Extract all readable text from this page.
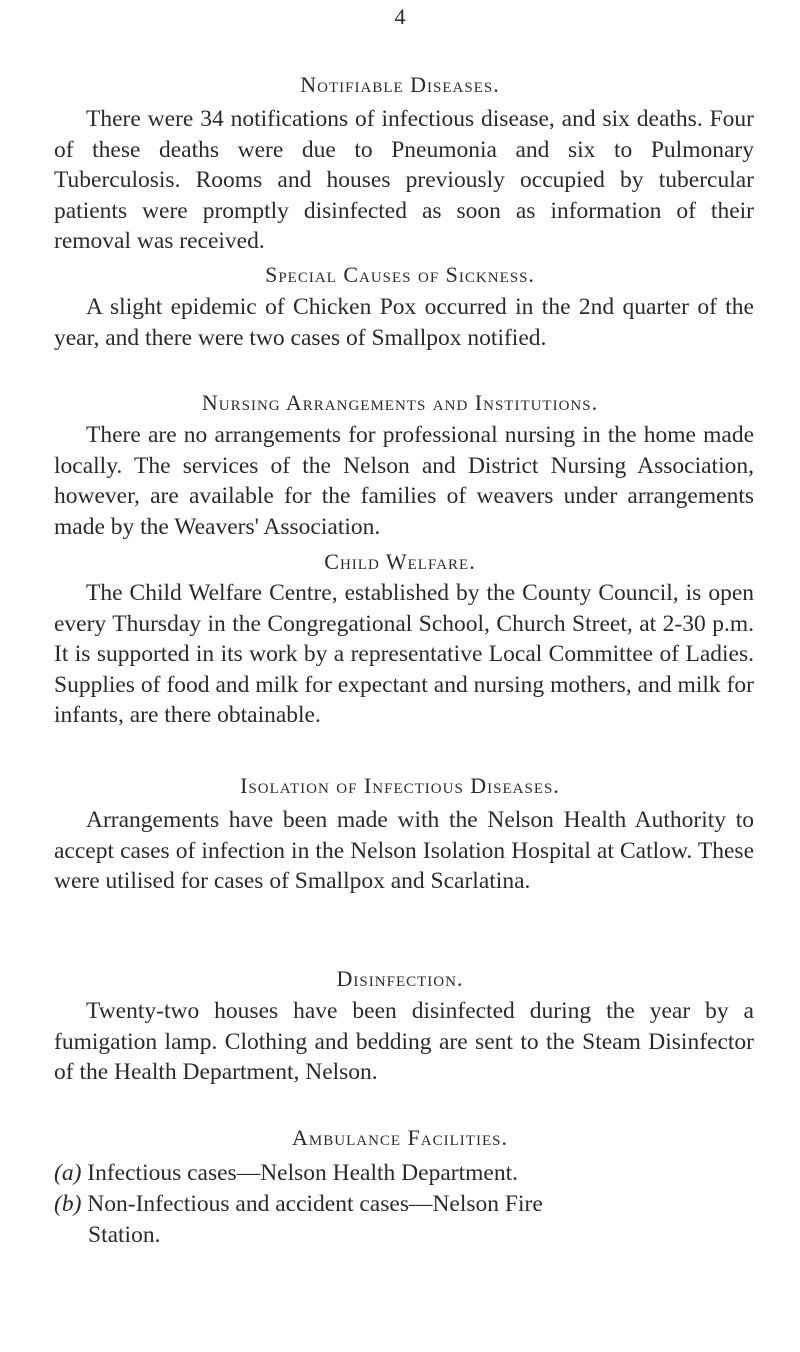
4
Notifiable Diseases.

There were 34 notifications of infectious disease, and six deaths. Four of these deaths were due to Pneumonia and six to Pulmonary Tuberculosis. Rooms and houses previously occupied by tubercular patients were promptly disinfected as soon as information of their removal was received.

Special Causes of Sickness.

A slight epidemic of Chicken Pox occurred in the 2nd quarter of the year, and there were two cases of Smallpox notified.

Nursing Arrangements and Institutions.

There are no arrangements for professional nursing in the home made locally. The services of the Nelson and District Nursing Association, however, are available for the families of weavers under arrangements made by the Weavers' Association.

Child Welfare.

The Child Welfare Centre, established by the County Council, is open every Thursday in the Congregational School, Church Street, at 2-30 p.m. It is supported in its work by a representative Local Committee of Ladies. Supplies of food and milk for expectant and nursing mothers, and milk for infants, are there obtainable.

Isolation of Infectious Diseases.

Arrangements have been made with the Nelson Health Authority to accept cases of infection in the Nelson Isolation Hospital at Catlow. These were utilised for cases of Smallpox and Scarlatina.

Disinfection.

Twenty-two houses have been disinfected during the year by a fumigation lamp. Clothing and bedding are sent to the Steam Disinfector of the Health Department, Nelson.

Ambulance Facilities.

(a) Infectious cases—Nelson Health Department.

(b) Non-Infectious and accident cases—Nelson Fire
Station.
